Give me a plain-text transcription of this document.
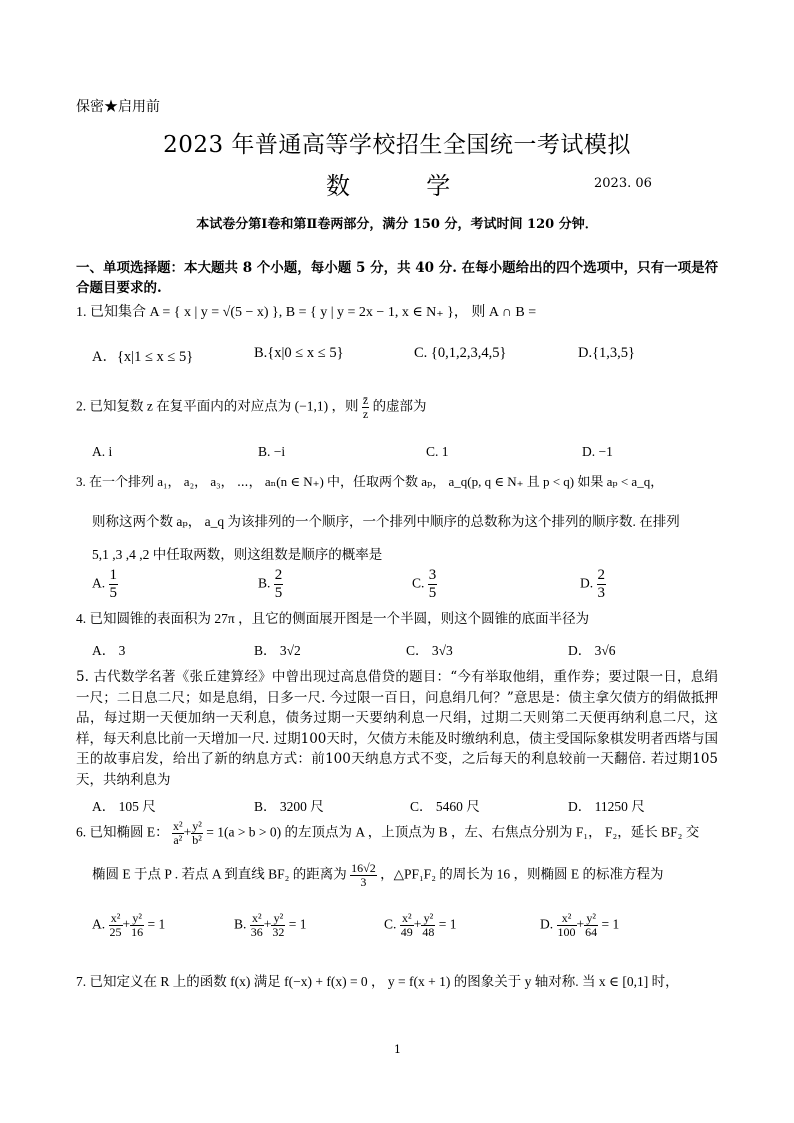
保密★启用前
2023 年普通高等学校招生全国统一考试模拟
数          学	2023. 06
本试卷分第Ⅰ卷和第Ⅱ卷两部分，满分 150 分，考试时间 120 分钟．
一、单项选择题：本大题共 8 个小题，每小题 5 分，共 40 分. 在每小题给出的四个选项中，只有一项是符
合题目要求的.
1. 已知集合 A = { x | y = √(5 − x) }, B = { y | y = 2x − 1, x ∈ N₊ }， 则 A ∩ B =
A．{x|1 ≤ x ≤ 5}	B.{x|0 ≤ x ≤ 5}	C. {0,1,2,3,4,5}	D.{1,3,5}
2. 已知复数 z 在复平面内的对应点为 (−1,1) ，则 $\frac{z̄}{z}$ 的虚部为
A. i	B. −i	C. 1	D. −1
3. 在一个排列 a₁， a₂， a₃， ⋯， aₙ(n ∈ N₊) 中，任取两个数 aₚ， a_q(p, q ∈ N₊ 且 p < q) 如果 aₚ < a_q，
则称这两个数 aₚ， a_q 为该排列的一个顺序，一个排列中顺序的总数称为这个排列的顺序数. 在排列
5,1 ,3 ,4 ,2 中任取两数，则这组数是顺序的概率是
A. $\frac{1}{5}$	B. $\frac{2}{5}$	C. $\frac{3}{5}$	D. $\frac{2}{3}$
4. 已知圆锥的表面积为 27π ，且它的侧面展开图是一个半圆，则这个圆锥的底面半径为
A． 3	B． 3√2	C． 3√3	D． 3√6
5. 古代数学名著《张丘建算经》中曾出现过高息借贷的题目：“今有举取他绢，重作券；要过限一日，息绢一尺；二日息二尺；如是息绢，日多一尺. 今过限一百日，问息绢几何？”意思是：债主拿欠债方的绢做抵押品，每过期一天便加纳一天利息，债务过期一天要纳利息一尺绢，过期二天则第二天便再纳利息二尺，这样，每天利息比前一天增加一尺. 过期100天时，欠债方未能及时缴纳利息，债主受国际象棋发明者西塔与国王的故事启发，给出了新的纳息方式：前100天纳息方式不变，之后每天的利息较前一天翻倍. 若过期105天，共纳利息为
A． 105 尺	B． 3200 尺	C． 5460 尺	D． 11250 尺
6. 已知椭圆 E： $\frac{\text{x²}}{\text{a²}} + \frac{\text{y²}}{\text{b²}} = 1(a > b > 0)$ 的左顶点为 A ，上顶点为 B ，左、右焦点分别为 F₁， F₂，延长 BF₂ 交
椭圆 E 于点 P . 若点 A 到直线 BF₂ 的距离为 $\frac{16√2}{3}$ ，△PF₁F₂ 的周长为 16 ，则椭圆 E 的标准方程为
A. $\frac{\text{x²}}{25} + \frac{\text{y²}}{16} = 1$	B. $\frac{\text{x²}}{36} + \frac{\text{y²}}{32} = 1$	C. $\frac{\text{x²}}{49} + \frac{\text{y²}}{48} = 1$	D. $\frac{\text{x²}}{100} + \frac{\text{y²}}{64} = 1$
7. 已知定义在 R 上的函数 f(x) 满足 f(−x) + f(x) = 0 ， y = f(x + 1) 的图象关于 y 轴对称. 当 x ∈ [0,1] 时，
1
